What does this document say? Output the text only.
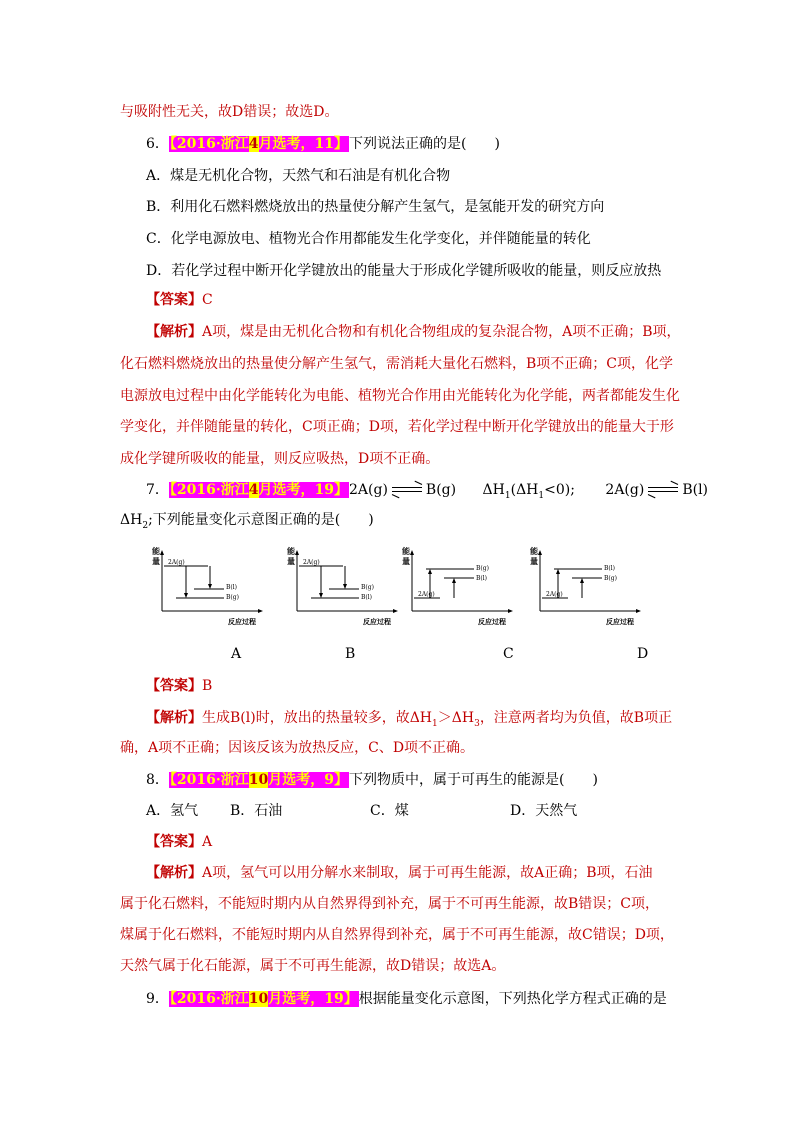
与吸附性无关，故D错误；故选D。
6．【2016·浙江4月选考，11】下列说法正确的是(　　)
A．煤是无机化合物，天然气和石油是有机化合物
B．利用化石燃料燃烧放出的热量使分解产生氢气，是氢能开发的研究方向
C．化学电源放电、植物光合作用都能发生化学变化，并伴随能量的转化
D．若化学过程中断开化学键放出的能量大于形成化学键所吸收的能量，则反应放热
【答案】C
【解析】A项，煤是由无机化合物和有机化合物组成的复杂混合物，A项不正确；B项，
化石燃料燃烧放出的热量使分解产生氢气，需消耗大量化石燃料，B项不正确；C项，化学
电源放电过程中由化学能转化为电能、植物光合作用由光能转化为化学能，两者都能发生化
学变化，并伴随能量的转化，C项正确；D项，若化学过程中断开化学键放出的能量大于形
成化学键所吸收的能量，则反应吸热，D项不正确。
7．【2016·浙江4月选考，19】2A(g)	B(g) $\Delta H_1(\Delta H_1<0)$; 2A(g)	B(l)
$\Delta H_2$;下列能量变化示意图正确的是(　　)
能
量 2A(g)
B(l)
B(g)
反应过程
能
量 2A(g)
B(g)
B(l)
反应过程
能
量
2A(g)
B(g)
B(l)
反应过程
能
量
2A(g)
B(l)
B(g)
反应过程
A	B	C	D
【答案】B
【解析】生成B(l)时，放出的热量较多，故$\Delta H_1>\Delta H_3$，注意两者均为负值，故B项正
确，A项不正确；因该反该为放热反应，C、D项不正确。
8．【2016·浙江10月选考，9】下列物质中，属于可再生的能源是(　　)
A．氢气 B．石油	C．煤	D．天然气
【答案】A
【解析】A项，氢气可以用分解水来制取，属于可再生能源，故A正确；B项，石油
属于化石燃料，不能短时期内从自然界得到补充，属于不可再生能源，故B错误；C项，
煤属于化石燃料，不能短时期内从自然界得到补充，属于不可再生能源，故C错误；D项，
天然气属于化石能源，属于不可再生能源，故D错误；故选A。
9．【2016·浙江10月选考，19】根据能量变化示意图，下列热化学方程式正确的是
